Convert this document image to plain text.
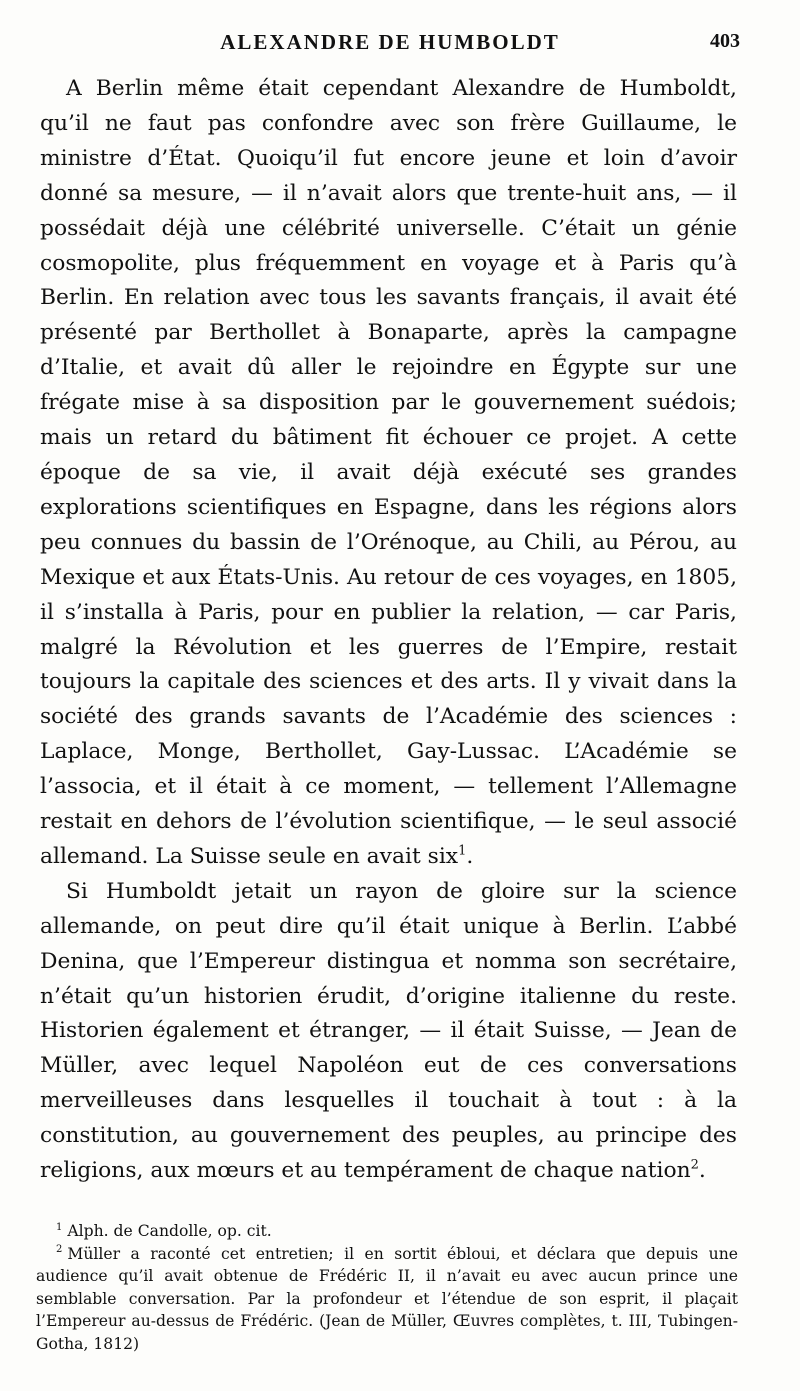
ALEXANDRE DE HUMBOLDT	403

A Berlin même était cependant Alexandre de Humboldt, qu’il ne faut pas confondre avec son frère Guillaume, le ministre d’État. Quoiqu’il fut encore jeune et loin d’avoir donné sa mesure, — il n’avait alors que trente-huit ans, — il possédait déjà une célébrité universelle. C’était un génie cosmopolite, plus fréquemment en voyage et à Paris qu’à Berlin. En relation avec tous les savants français, il avait été présenté par Berthollet à Bonaparte, après la campagne d’Italie, et avait dû aller le rejoindre en Égypte sur une frégate mise à sa disposition par le gouvernement suédois; mais un retard du bâtiment fit échouer ce projet. A cette époque de sa vie, il avait déjà exécuté ses grandes explorations scientifiques en Espagne, dans les régions alors peu connues du bassin de l’Orénoque, au Chili, au Pérou, au Mexique et aux États-Unis. Au retour de ces voyages, en 1805, il s’installa à Paris, pour en publier la relation, — car Paris, malgré la Révolution et les guerres de l’Empire, restait toujours la capitale des sciences et des arts. Il y vivait dans la société des grands savants de l’Académie des sciences : Laplace, Monge, Berthollet, Gay-Lussac. L’Académie se l’associa, et il était à ce moment, — tellement l’Allemagne restait en dehors de l’évolution scientifique, — le seul associé allemand. La Suisse seule en avait six$^1$.

Si Humboldt jetait un rayon de gloire sur la science allemande, on peut dire qu’il était unique à Berlin. L’abbé Denina, que l’Empereur distingua et nomma son secrétaire, n’était qu’un historien érudit, d’origine italienne du reste. Historien également et étranger, — il était Suisse, — Jean de Müller, avec lequel Napoléon eut de ces conversations merveilleuses dans lesquelles il touchait à tout : à la constitution, au gouvernement des peuples, au principe des religions, aux mœurs et au tempérament de chaque nation$^2$.

$^1$ Alph. de Candolle, op. cit.

$^2$ Müller a raconté cet entretien; il en sortit ébloui, et déclara que depuis une audience qu’il avait obtenue de Frédéric II, il n’avait eu avec aucun prince une semblable conversation. Par la profondeur et l’étendue de son esprit, il plaçait l’Empereur au-dessus de Frédéric. (Jean de Müller, Œuvres complètes, t. III, Tubingen-Gotha, 1812)
